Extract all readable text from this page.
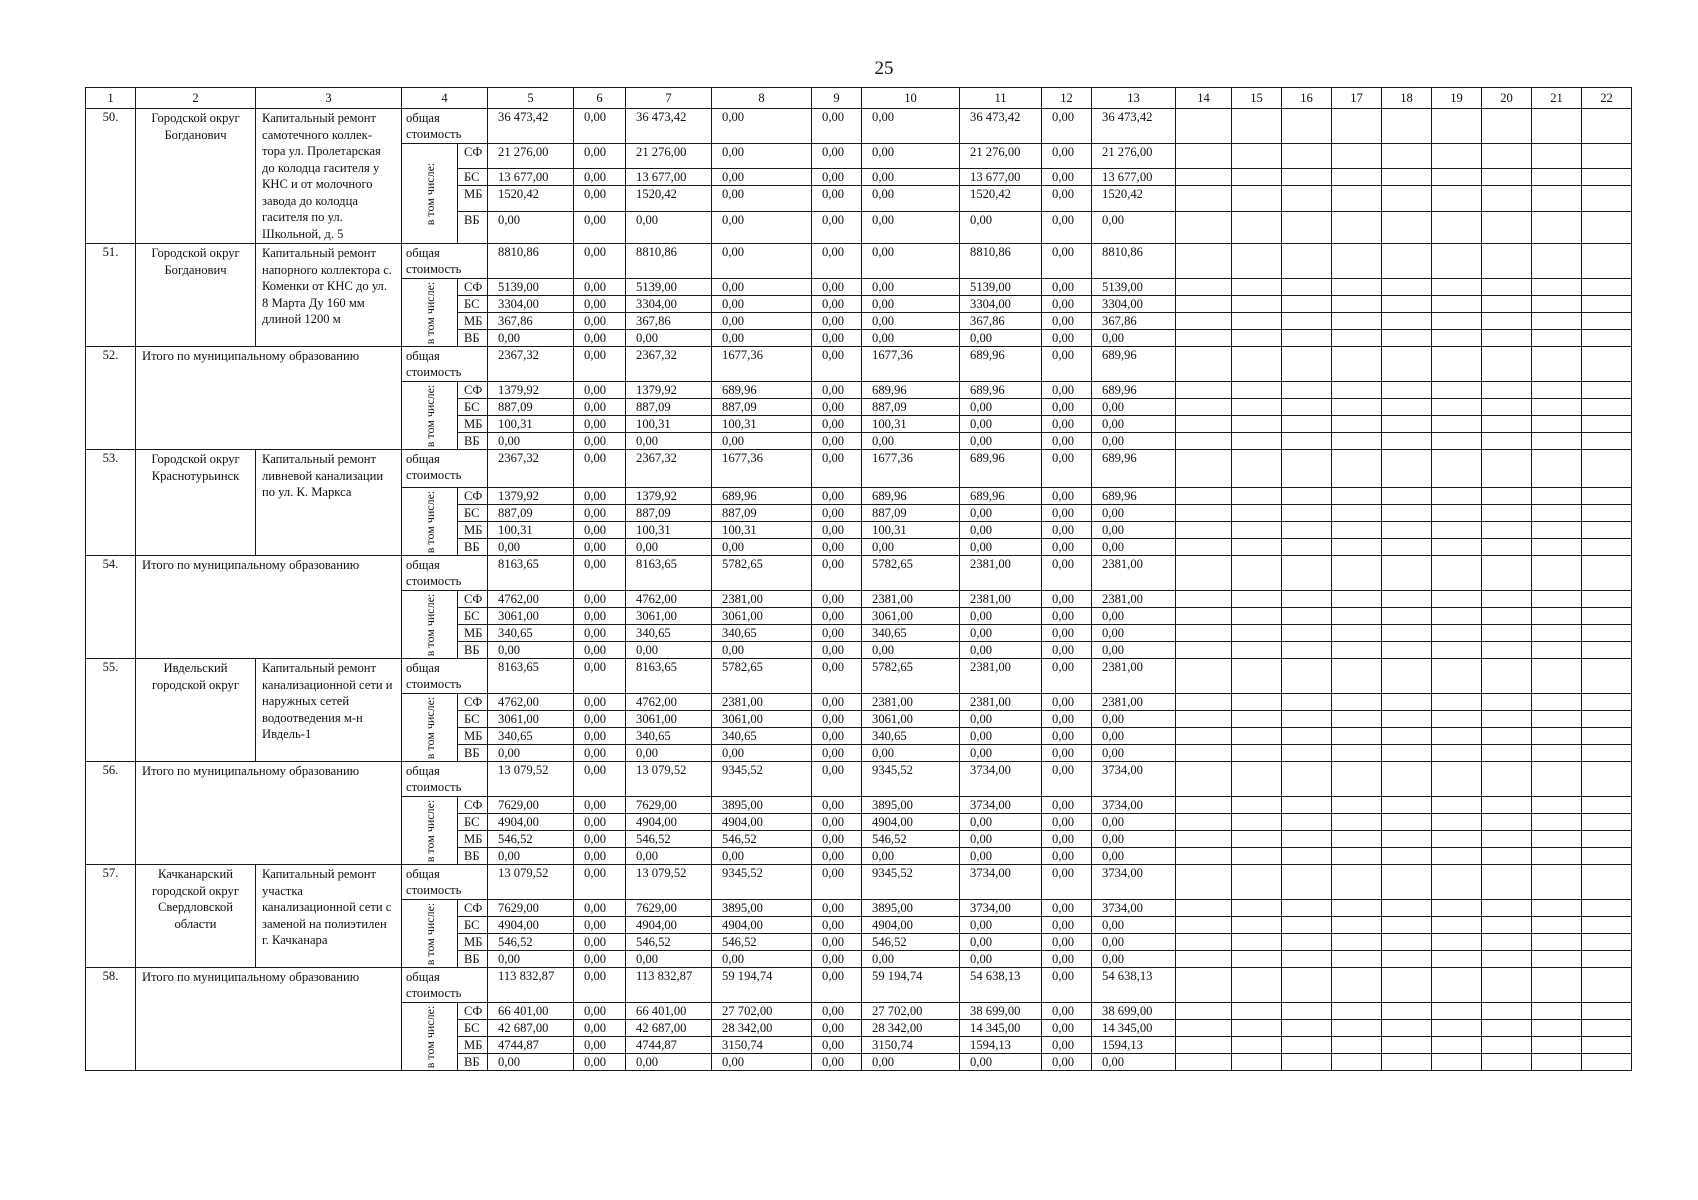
25
1	2	3	4		5	6	7	8	9	10	11	12	13	14	15	16	17	18	19	20	21	22
50.	Городской округ Богданович	Капитальный ремонт самотечного коллек-тора ул. Пролетарская до колодца гасителя у КНС и от молочного завода до колодца гасителя по ул. Школьной, д. 5	общая стоимость		36 473,42	0,00	36 473,42	0,00	0,00	0,00	36 473,42	0,00	36 473,42									

			в том числе:	СФ	21 276,00	0,00	21 276,00	0,00	0,00	0,00	21 276,00	0,00	21 276,00									
				БС	13 677,00	0,00	13 677,00	0,00	0,00	0,00	13 677,00	0,00	13 677,00									
				МБ	1520,42	0,00	1520,42	0,00	0,00	0,00	1520,42	0,00	1520,42									
				ВБ	0,00	0,00	0,00	0,00	0,00	0,00	0,00	0,00	0,00									
51.	Городской округ Богданович	Капитальный ремонт напорного коллектора с. Коменки от КНС до ул. 8 Марта Ду 160 мм длиной 1200 м	общая стоимость		8810,86	0,00	8810,86	0,00	0,00	0,00	8810,86	0,00	8810,86									

			в том числе:	СФ	5139,00	0,00	5139,00	0,00	0,00	0,00	5139,00	0,00	5139,00									
				БС	3304,00	0,00	3304,00	0,00	0,00	0,00	3304,00	0,00	3304,00									
				МБ	367,86	0,00	367,86	0,00	0,00	0,00	367,86	0,00	367,86									
				ВБ	0,00	0,00	0,00	0,00	0,00	0,00	0,00	0,00	0,00									
52.	Итого по муниципальному образованию		общая стоимость		2367,32	0,00	2367,32	1677,36	0,00	1677,36	689,96	0,00	689,96									

			в том числе:	СФ	1379,92	0,00	1379,92	689,96	0,00	689,96	689,96	0,00	689,96									
				БС	887,09	0,00	887,09	887,09	0,00	887,09	0,00	0,00	0,00									
				МБ	100,31	0,00	100,31	100,31	0,00	100,31	0,00	0,00	0,00									
				ВБ	0,00	0,00	0,00	0,00	0,00	0,00	0,00	0,00	0,00									
53.	Городской округ Краснотурьинск	Капитальный ремонт ливневой канализации по ул. К. Маркса	общая стоимость		2367,32	0,00	2367,32	1677,36	0,00	1677,36	689,96	0,00	689,96									

			в том числе:	СФ	1379,92	0,00	1379,92	689,96	0,00	689,96	689,96	0,00	689,96									
				БС	887,09	0,00	887,09	887,09	0,00	887,09	0,00	0,00	0,00									
				МБ	100,31	0,00	100,31	100,31	0,00	100,31	0,00	0,00	0,00									
				ВБ	0,00	0,00	0,00	0,00	0,00	0,00	0,00	0,00	0,00									
54.	Итого по муниципальному образованию		общая стоимость		8163,65	0,00	8163,65	5782,65	0,00	5782,65	2381,00	0,00	2381,00									

			в том числе:	СФ	4762,00	0,00	4762,00	2381,00	0,00	2381,00	2381,00	0,00	2381,00									
				БС	3061,00	0,00	3061,00	3061,00	0,00	3061,00	0,00	0,00	0,00									
				МБ	340,65	0,00	340,65	340,65	0,00	340,65	0,00	0,00	0,00									
				ВБ	0,00	0,00	0,00	0,00	0,00	0,00	0,00	0,00	0,00									
55.	Ивдельский городской округ	Капитальный ремонт канализационной сети и наружных сетей водоотведения м-н Ивдель-1	общая стоимость		8163,65	0,00	8163,65	5782,65	0,00	5782,65	2381,00	0,00	2381,00									

			в том числе:	СФ	4762,00	0,00	4762,00	2381,00	0,00	2381,00	2381,00	0,00	2381,00									
				БС	3061,00	0,00	3061,00	3061,00	0,00	3061,00	0,00	0,00	0,00									
				МБ	340,65	0,00	340,65	340,65	0,00	340,65	0,00	0,00	0,00									
				ВБ	0,00	0,00	0,00	0,00	0,00	0,00	0,00	0,00	0,00									
56.	Итого по муниципальному образованию		общая стоимость		13 079,52	0,00	13 079,52	9345,52	0,00	9345,52	3734,00	0,00	3734,00									

			в том числе:	СФ	7629,00	0,00	7629,00	3895,00	0,00	3895,00	3734,00	0,00	3734,00									
				БС	4904,00	0,00	4904,00	4904,00	0,00	4904,00	0,00	0,00	0,00									
				МБ	546,52	0,00	546,52	546,52	0,00	546,52	0,00	0,00	0,00									
				ВБ	0,00	0,00	0,00	0,00	0,00	0,00	0,00	0,00	0,00									
57.	Качканарский городской округ Свердловской области	Капитальный ремонт участка канализационной сети с заменой на полиэтилен г. Качканара	общая стоимость		13 079,52	0,00	13 079,52	9345,52	0,00	9345,52	3734,00	0,00	3734,00									

			в том числе:	СФ	7629,00	0,00	7629,00	3895,00	0,00	3895,00	3734,00	0,00	3734,00									
				БС	4904,00	0,00	4904,00	4904,00	0,00	4904,00	0,00	0,00	0,00									
				МБ	546,52	0,00	546,52	546,52	0,00	546,52	0,00	0,00	0,00									
				ВБ	0,00	0,00	0,00	0,00	0,00	0,00	0,00	0,00	0,00									
58.	Итого по муниципальному образованию		общая стоимость		113 832,87	0,00	113 832,87	59 194,74	0,00	59 194,74	54 638,13	0,00	54 638,13									

			в том числе:	СФ	66 401,00	0,00	66 401,00	27 702,00	0,00	27 702,00	38 699,00	0,00	38 699,00									
				БС	42 687,00	0,00	42 687,00	28 342,00	0,00	28 342,00	14 345,00	0,00	14 345,00									
				МБ	4744,87	0,00	4744,87	3150,74	0,00	3150,74	1594,13	0,00	1594,13									
				ВБ	0,00	0,00	0,00	0,00	0,00	0,00	0,00	0,00	0,00									
